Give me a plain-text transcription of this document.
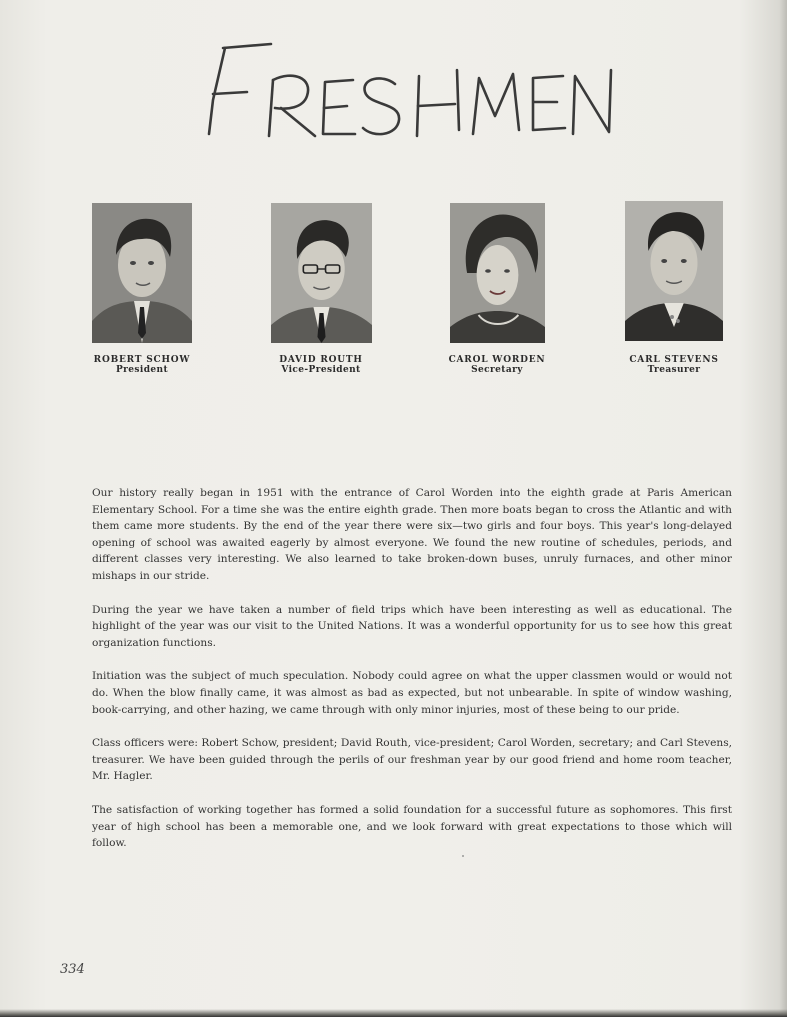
ROBERT SCHOW
President
DAVID ROUTH
Vice-President
CAROL WORDEN
Secretary
CARL STEVENS
Treasurer

Our history really began in 1951 with the entrance of Carol Worden into the eighth grade at Paris American Elementary School. For a time she was the entire eighth grade. Then more boats began to cross the Atlantic and with them came more students. By the end of the year there were six—two girls and four boys. This year's long-delayed opening of school was awaited eagerly by almost everyone. We found the new routine of schedules, periods, and different classes very interesting. We also learned to take broken-down buses, unruly furnaces, and other minor mishaps in our stride.

During the year we have taken a number of field trips which have been interesting as well as educational. The highlight of the year was our visit to the United Nations. It was a wonderful opportunity for us to see how this great organization functions.

Initiation was the subject of much speculation. Nobody could agree on what the upper classmen would or would not do. When the blow finally came, it was almost as bad as expected, but not unbearable. In spite of window washing, book-carrying, and other hazing, we came through with only minor injuries, most of these being to our pride.

Class officers were: Robert Schow, president; David Routh, vice-president; Carol Worden, secretary; and Carl Stevens, treasurer. We have been guided through the perils of our freshman year by our good friend and home room teacher, Mr. Hagler.

The satisfaction of working together has formed a solid foundation for a successful future as sophomores. This first year of high school has been a memorable one, and we look forward with great expectations to those which will follow.

334
